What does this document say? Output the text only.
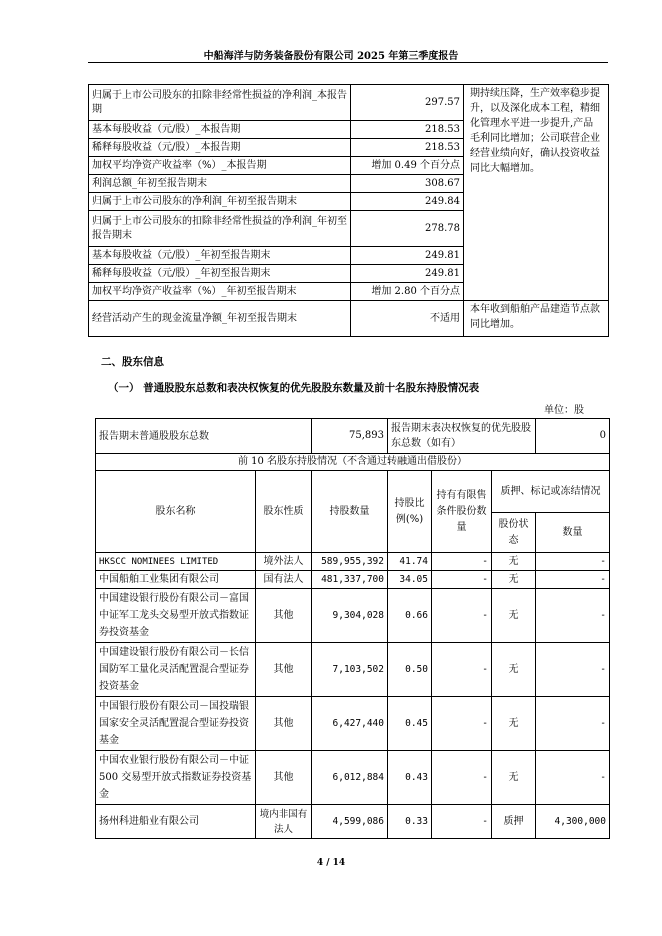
中船海洋与防务装备股份有限公司 2025 年第三季度报告
归属于上市公司股东的扣除非经常性损益的净利润_本报告期	297.57	期持续压降，生产效率稳步提升，以及深化成本工程，精细化管理水平进一步提升,产品毛利同比增加；公司联营企业经营业绩向好，确认投资收益同比大幅增加。
基本每股收益（元/股）_本报告期	218.53	
稀释每股收益（元/股）_本报告期	218.53	
加权平均净资产收益率（%）_本报告期	增加 0.49 个百分点	
利润总额_年初至报告期末	308.67	
归属于上市公司股东的净利润_年初至报告期末	249.84	
归属于上市公司股东的扣除非经常性损益的净利润_年初至报告期末	278.78	
基本每股收益（元/股）_年初至报告期末	249.81	
稀释每股收益（元/股）_年初至报告期末	249.81	
加权平均净资产收益率（%）_年初至报告期末	增加 2.80 个百分点	
经营活动产生的现金流量净额_年初至报告期末	不适用	本年收到船舶产品建造节点款同比增加。
二、股东信息
（一） 普通股股东总数和表决权恢复的优先股股东数量及前十名股东持股情况表
单位：股
报告期末普通股股东总数		75,893	报告期末表决权恢复的优先股股东总数（如有）			0
前 10 名股东持股情况（不含通过转融通出借股份）						
股东名称	股东性质	持股数量	持股比例(%)	持有有限售条件股份数量	质押、标记或冻结情况	
					股份状态	数量
HKSCC NOMINEES LIMITED	境外法人	589,955,392	41.74	-	无	-
中国船舶工业集团有限公司	国有法人	481,337,700	34.05	-	无	-
中国建设银行股份有限公司－富国中证军工龙头交易型开放式指数证券投资基金	其他	9,304,028	0.66	-	无	-
中国建设银行股份有限公司－长信国防军工量化灵活配置混合型证券投资基金	其他	7,103,502	0.50	-	无	-
中国银行股份有限公司－国投瑞银国家安全灵活配置混合型证券投资基金	其他	6,427,440	0.45	-	无	-
中国农业银行股份有限公司－中证 500 交易型开放式指数证券投资基金	其他	6,012,884	0.43	-	无	-
扬州科进船业有限公司	境内非国有法人	4,599,086	0.33	-	质押	4,300,000
4 / 14
